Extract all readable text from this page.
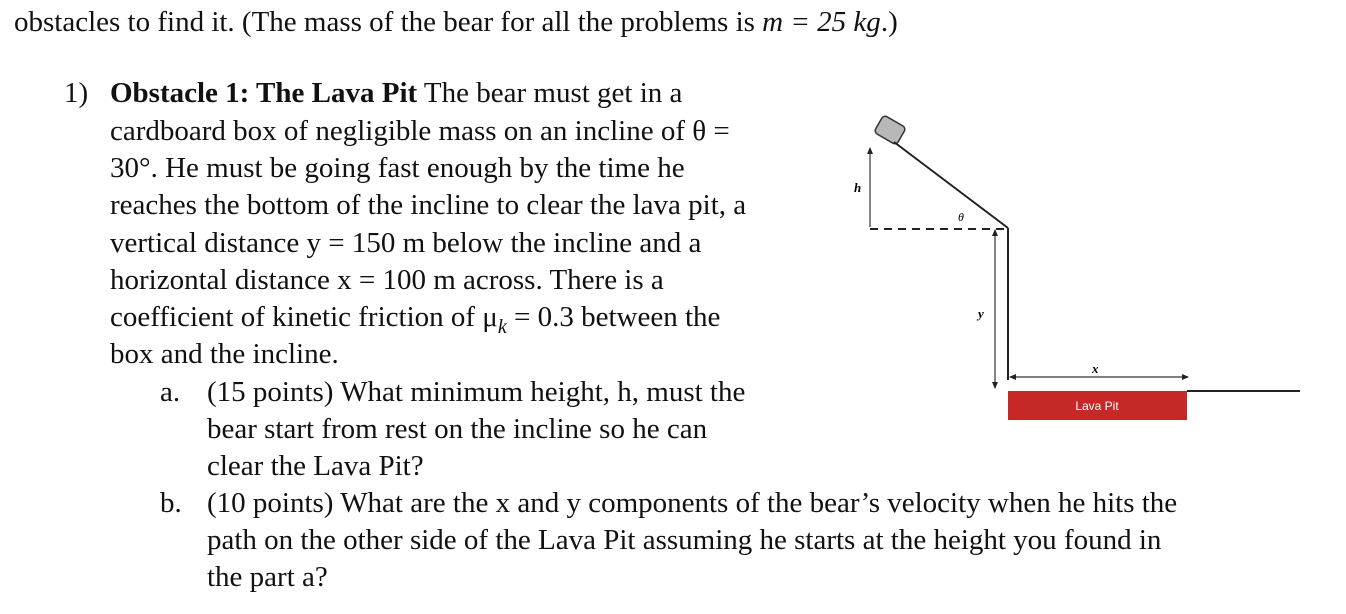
obstacles to find it. (The mass of the bear for all the problems is m = 25 kg.)
1) Obstacle 1: The Lava Pit The bear must get in a
cardboard box of negligible mass on an incline of θ =
30°. He must be going fast enough by the time he
reaches the bottom of the incline to clear the lava pit, a
vertical distance y = 150 m below the incline and a
horizontal distance x = 100 m across. There is a
coefficient of kinetic friction of $\mu_k = 0.3$ between the
box and the incline.
a. (15 points) What minimum height, h, must the
bear start from rest on the incline so he can
clear the Lava Pit?
b. (10 points) What are the x and y components of the bear’s velocity when he hits the
path on the other side of the Lava Pit assuming he starts at the height you found in
the part a?
h
θ
y
x
Lava Pit
